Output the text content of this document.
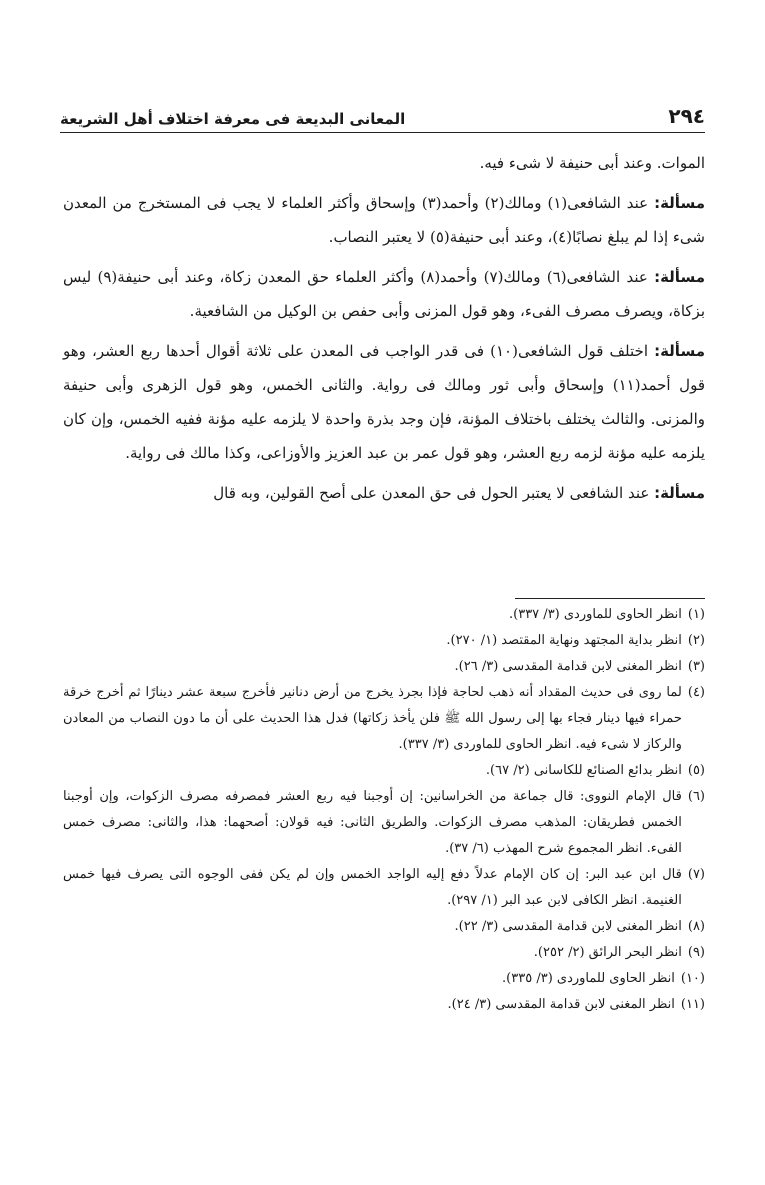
٢٩٤
المعانى البديعة فى معرفة اختلاف أهل الشريعة

الموات. وعند أبى حنيفة لا شىء فيه.

مسألة: عند الشافعى(١) ومالك(٢) وأحمد(٣) وإسحاق وأكثر العلماء لا يجب فى المستخرج من المعدن شىء إذا لم يبلغ نصابًا(٤)، وعند أبى حنيفة(٥) لا يعتبر النصاب.

مسألة: عند الشافعى(٦) ومالك(٧) وأحمد(٨) وأكثر العلماء حق المعدن زكاة، وعند أبى حنيفة(٩) ليس بزكاة، ويصرف مصرف الفىء، وهو قول المزنى وأبى حفص بن الوكيل من الشافعية.

مسألة: اختلف قول الشافعى(١٠) فى قدر الواجب فى المعدن على ثلاثة أقوال أحدها ربع العشر، وهو قول أحمد(١١) وإسحاق وأبى ثور ومالك فى رواية. والثانى الخمس، وهو قول الزهرى وأبى حنيفة والمزنى. والثالث يختلف باختلاف المؤنة، فإن وجد بذرة واحدة لا يلزمه عليه مؤنة ففيه الخمس، وإن كان يلزمه عليه مؤنة لزمه ربع العشر، وهو قول عمر بن عبد العزيز والأوزاعى، وكذا مالك فى رواية.

مسألة: عند الشافعى لا يعتبر الحول فى حق المعدن على أصح القولين، وبه قال

(١)
انظر الحاوى للماوردى (٣/ ٣٣٧).

(٢)
انظر بداية المجتهد ونهاية المقتصد (١/ ٢٧٠).

(٣)
انظر المغنى لابن قدامة المقدسى (٣/ ٢٦).

(٤)
لما روى فى حديث المقداد أنه ذهب لحاجة فإذا بجرذ يخرج من أرض دنانير فأخرج سبعة عشر دينارًا ثم أخرج خرقة حمراء فيها دينار فجاء بها إلى رسول الله ﷺ فلن يأخذ زكاتها) فدل هذا الحديث على أن ما دون النصاب من المعادن والركاز لا شىء فيه. انظر الحاوى للماوردى (٣/ ٣٣٧).

(٥)
انظر بدائع الصنائع للكاسانى (٢/ ٦٧).

(٦)
قال الإمام النووى: قال جماعة من الخراسانين: إن أوجبنا فيه ربع العشر فمصرفه مصرف الزكوات، وإن أوجبنا الخمس فطريقان: المذهب مصرف الزكوات. والطريق الثانى: فيه قولان: أصحهما: هذا، والثانى: مصرف خمس الفىء. انظر المجموع شرح المهذب (٦/ ٣٧).

(٧)
قال ابن عبد البر: إن كان الإمام عدلاً دفع إليه الواجد الخمس وإن لم يكن ففى الوجوه التى يصرف فيها خمس الغنيمة. انظر الكافى لابن عبد البر (١/ ٢٩٧).

(٨)
انظر المغنى لابن قدامة المقدسى (٣/ ٢٢).

(٩)
انظر البحر الرائق (٢/ ٢٥٢).

(١٠)
انظر الحاوى للماوردى (٣/ ٣٣٥).

(١١)
انظر المغنى لابن قدامة المقدسى (٣/ ٢٤).
